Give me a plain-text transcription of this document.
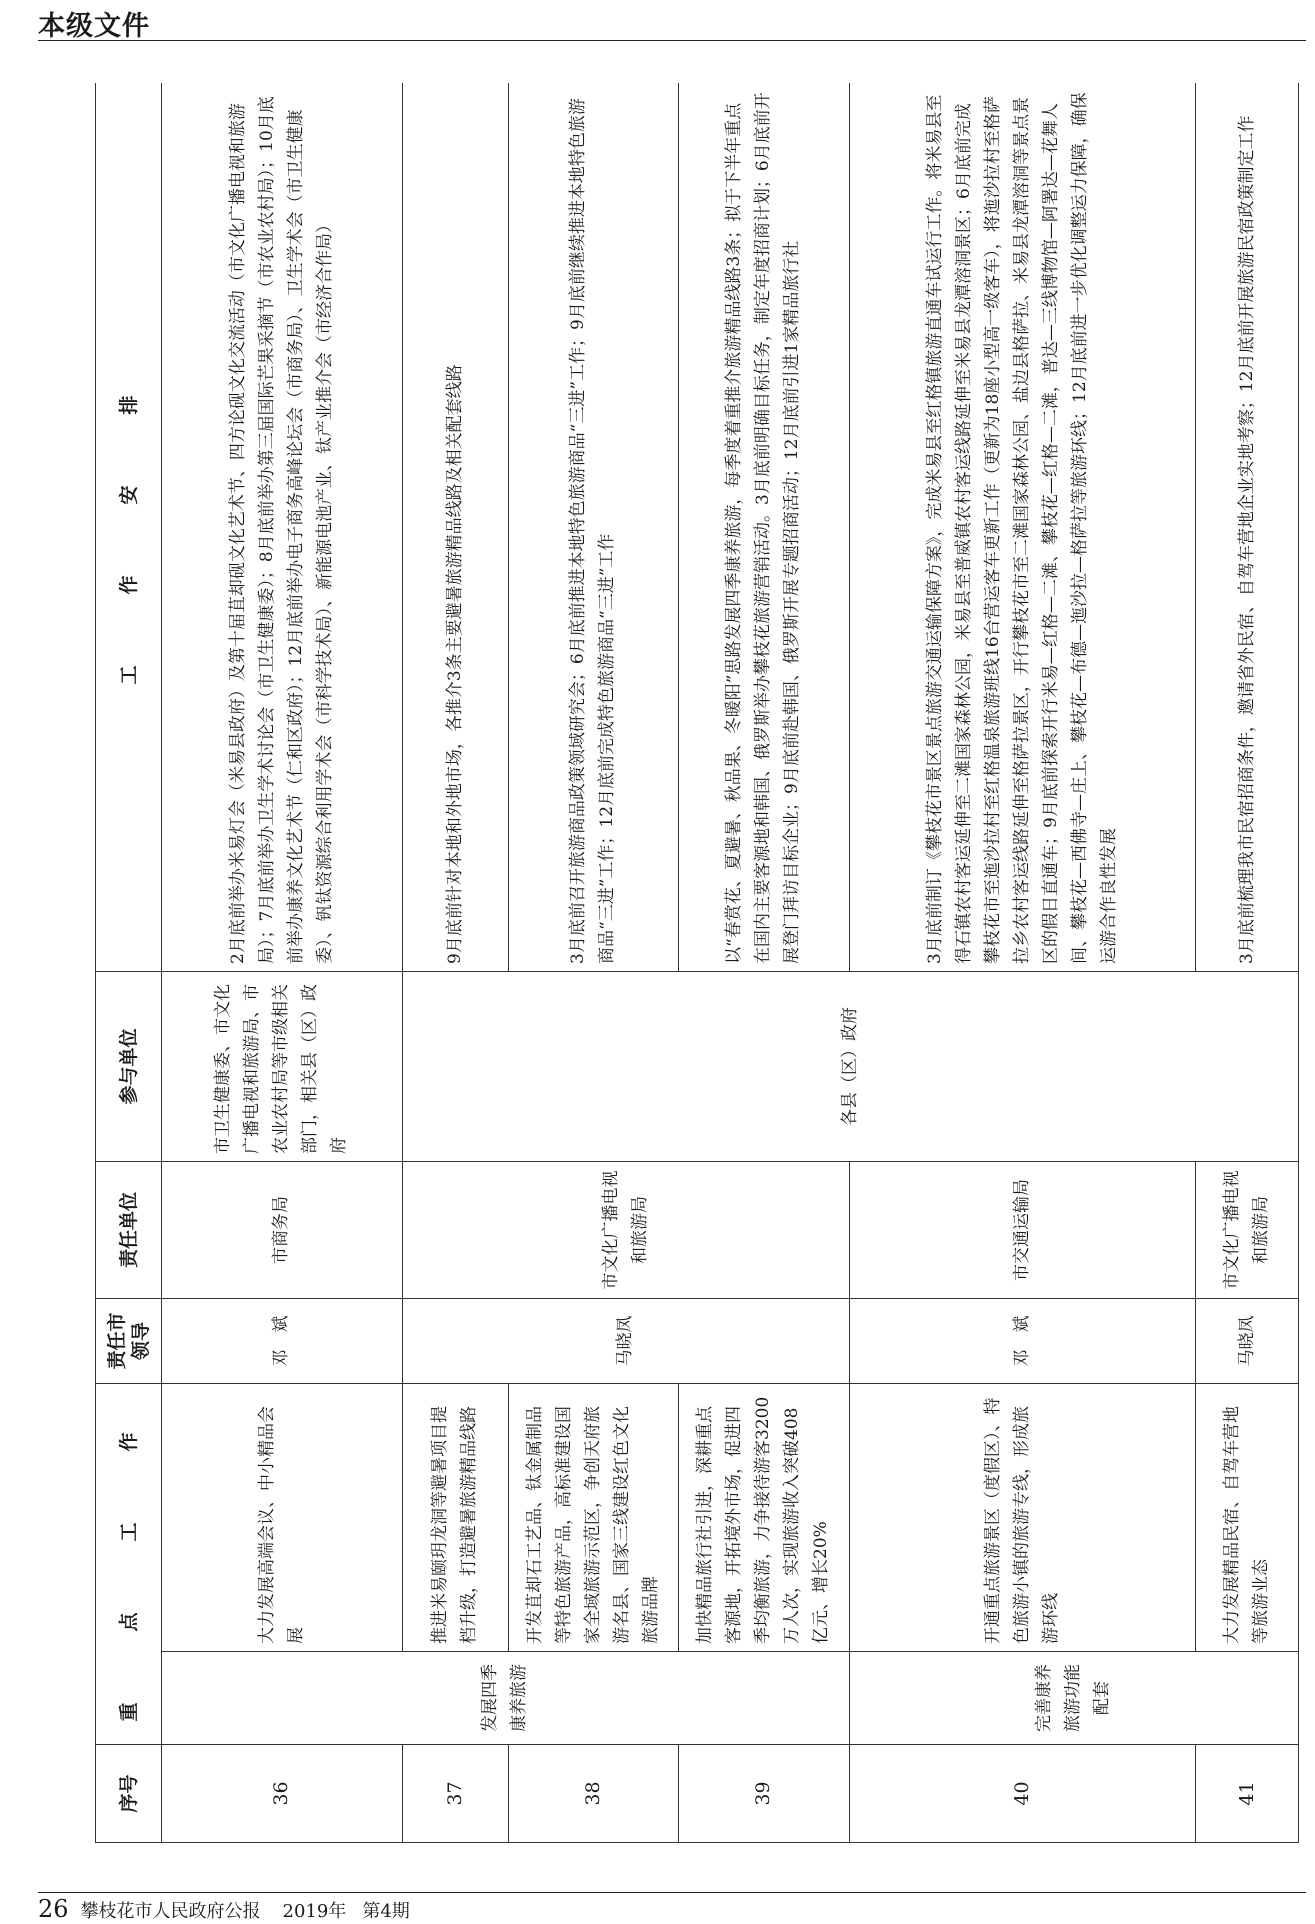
本级文件
序号	重　点　工　作		责任市领导	责任单位	参与单位	工　作　安　排
36	发展四季康养旅游	大力发展高端会议、中小精品会展	邓　斌	市商务局	市卫生健康委、市文化广播电视和旅游局、市农业农村局等市级相关部门，相关县（区）政府	2月底前举办米易灯会（米易县政府）及第十届苴却砚文化艺术节、四方论砚文化交流活动（市文化广播电视和旅游局）；7月底前举办卫生学术讨论会（市卫生健康委）；8月底前举办第三届国际芒果采摘节（市农业农村局）；10月底前举办康养文化艺术节（仁和区政府）；12月底前举办电子商务高峰论坛会（市商务局）、卫生学术会（市卫生健康委）、钒钛资源综合利用学术会（市科学技术局）、新能源电池产业、钛产业推介会（市经济合作局）
37		推进米易颐玥龙洞等避暑项目提档升级，打造避暑旅游精品线路	马晓凤	市文化广播电视和旅游局	各县（区）政府	9月底前针对本地和外地市场，各推介3条主要避暑旅游精品线路及相关配套线路
38		开发苴却石工艺品、钛金属制品等特色旅游产品，高标准建设国家全域旅游示范区，争创天府旅游名县、国家三线建设红色文化旅游品牌				3月底前召开旅游商品政策领域研究会；6月底前推进本地特色旅游商品“三进”工作；9月底前继续推进本地特色旅游商品“三进”工作；12月底前完成特色旅游商品“三进”工作
39		加快精品旅行社引进，深耕重点客源地，开拓境外市场，促进四季均衡旅游，力争接待游客3200万人次，实现旅游收入突破408亿元、增长20%				以“春赏花、夏避暑、秋品果、冬暖阳”思路发展四季康养旅游，每季度着重推介旅游精品线路3条；拟于下半年重点在国内主要客源地和韩国、俄罗斯举办攀枝花旅游营销活动。3月底前明确目标任务，制定年度招商计划；6月底前开展登门拜访目标企业；9月底前赴韩国、俄罗斯开展专题招商活动；12月底前引进1家精品旅行社
40	完善康养旅游功能配套	开通重点旅游景区（度假区）、特色旅游小镇的旅游专线，形成旅游环线	邓　斌	市交通运输局		3月底前制订《攀枝花市景区景点旅游交通运输保障方案》，完成米易县至红格镇旅游直通车试运行工作。将米易县至得石镇农村客运延伸至二滩国家森林公园，米易县至普威镇农村客运线路延伸至米易县龙潭溶洞景区；6月底前完成攀枝花市至迤沙拉村至红格温泉旅游班线16台营运客车更新工作（更新为18座小型高一级客车），将迤沙拉村至格萨拉乡农村客运线路延伸至格萨拉景区，开行攀枝花市至二滩国家森林公园、盐边县格萨拉、米易县龙潭溶洞等景点景区的假日直通车；9月底前探索开行米易—红格—二滩、攀枝花—红格—二滩，普达—三线博物馆—阿署达—花舞人间、攀枝花—西佛寺—庄上、攀枝花—布德—迤沙拉—格萨拉等旅游环线；12月底前进一步优化调整运力保障，确保运游合作良性发展
41		大力发展精品民宿、自驾车营地等旅游业态	马晓凤	市文化广播电视和旅游局		3月底前梳理我市民宿招商条件，邀请省外民宿、自驾车营地企业实地考察；12月底前开展旅游民宿政策制定工作
26 攀枝花市人民政府公报 2019年 第4期
